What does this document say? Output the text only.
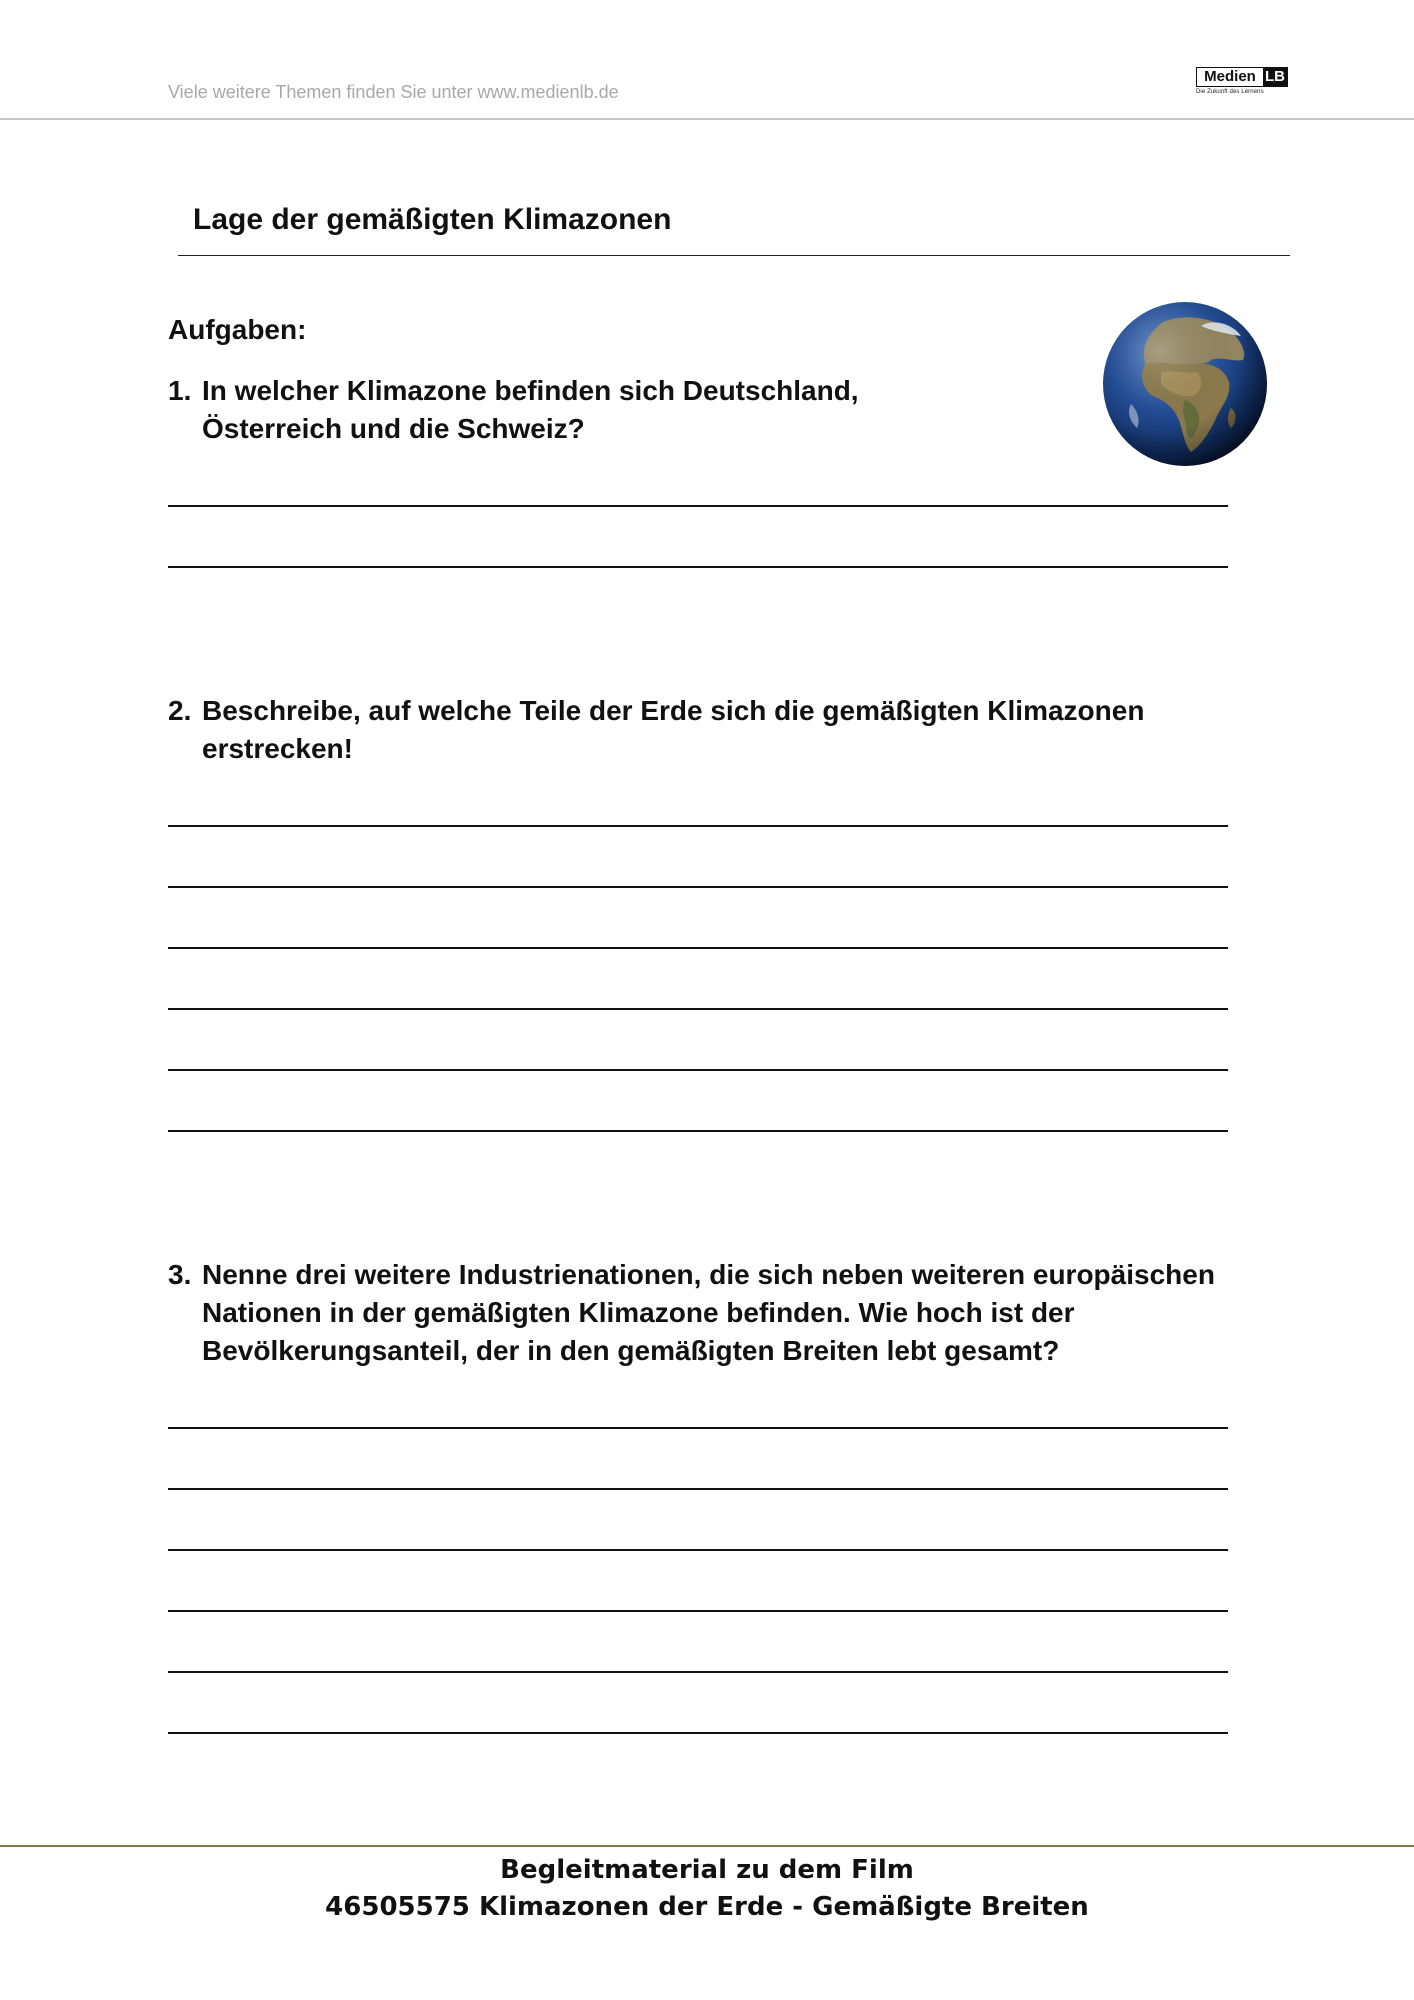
Viele weitere Themen finden Sie unter www.medienlb.de
Medien LB
Die Zukunft des Lernens
Lage der gemäßigten Klimazonen
Aufgaben:
1. In welcher Klimazone befinden sich Deutschland,
Österreich und die Schweiz?
2. Beschreibe, auf welche Teile der Erde sich die gemäßigten Klimazonen
erstrecken!
3. Nenne drei weitere Industrienationen, die sich neben weiteren europäischen
Nationen in der gemäßigten Klimazone befinden. Wie hoch ist der
Bevölkerungsanteil, der in den gemäßigten Breiten lebt gesamt?
Begleitmaterial zu dem Film
46505575 Klimazonen der Erde - Gemäßigte Breiten
